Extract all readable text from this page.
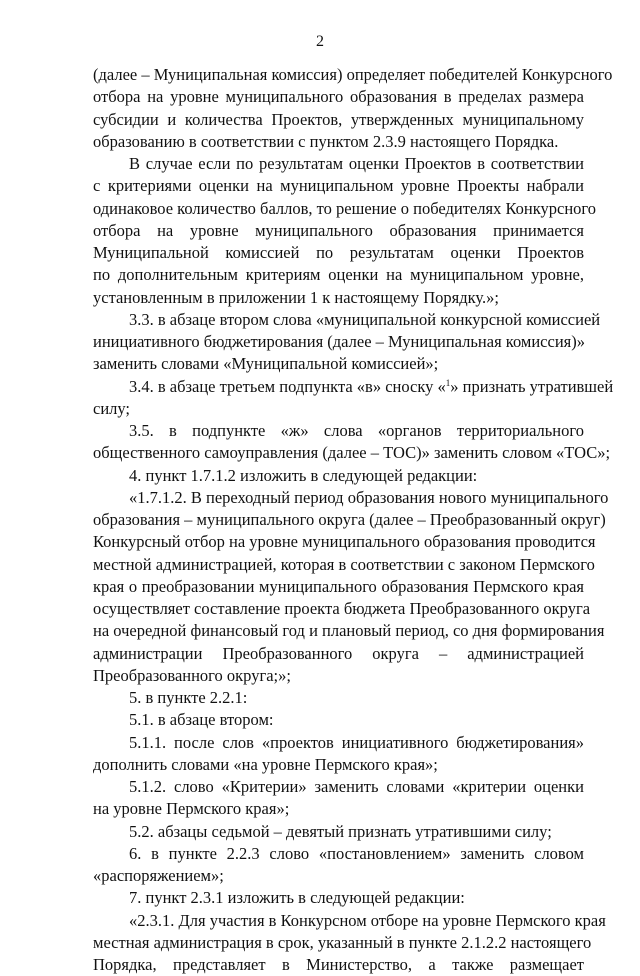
2
(далее – Муниципальная комиссия) определяет победителей Конкурсного
отбора на уровне муниципального образования в пределах размера
субсидии и количества Проектов, утвержденных муниципальному
образованию в соответствии с пунктом 2.3.9 настоящего Порядка.
В случае если по результатам оценки Проектов в соответствии
с критериями оценки на муниципальном уровне Проекты набрали
одинаковое количество баллов, то решение о победителях Конкурсного
отбора на уровне муниципального образования принимается
Муниципальной комиссией по результатам оценки Проектов
по дополнительным критериям оценки на муниципальном уровне,
установленным в приложении 1 к настоящему Порядку.»;
3.3. в абзаце втором слова «муниципальной конкурсной комиссией
инициативного бюджетирования (далее – Муниципальная комиссия)»
заменить словами «Муниципальной комиссией»;
3.4. в абзаце третьем подпункта «в» сноску «$^1$» признать утратившей
силу;
3.5. в подпункте «ж» слова «органов территориального
общественного самоуправления (далее – ТОС)» заменить словом «ТОС»;
4. пункт 1.7.1.2 изложить в следующей редакции:
«1.7.1.2. В переходный период образования нового муниципального
образования – муниципального округа (далее – Преобразованный округ)
Конкурсный отбор на уровне муниципального образования проводится
местной администрацией, которая в соответствии с законом Пермского
края о преобразовании муниципального образования Пермского края
осуществляет составление проекта бюджета Преобразованного округа
на очередной финансовый год и плановый период, со дня формирования
администрации Преобразованного округа – администрацией
Преобразованного округа;»;
5. в пункте 2.2.1:
5.1. в абзаце втором:
5.1.1. после слов «проектов инициативного бюджетирования»
дополнить словами «на уровне Пермского края»;
5.1.2. слово «Критерии» заменить словами «критерии оценки
на уровне Пермского края»;
5.2. абзацы седьмой – девятый признать утратившими силу;
6. в пункте 2.2.3 слово «постановлением» заменить словом
«распоряжением»;
7. пункт 2.3.1 изложить в следующей редакции:
«2.3.1. Для участия в Конкурсном отборе на уровне Пермского края
местная администрация в срок, указанный в пункте 2.1.2.2 настоящего
Порядка, представляет в Министерство, а также размещает
